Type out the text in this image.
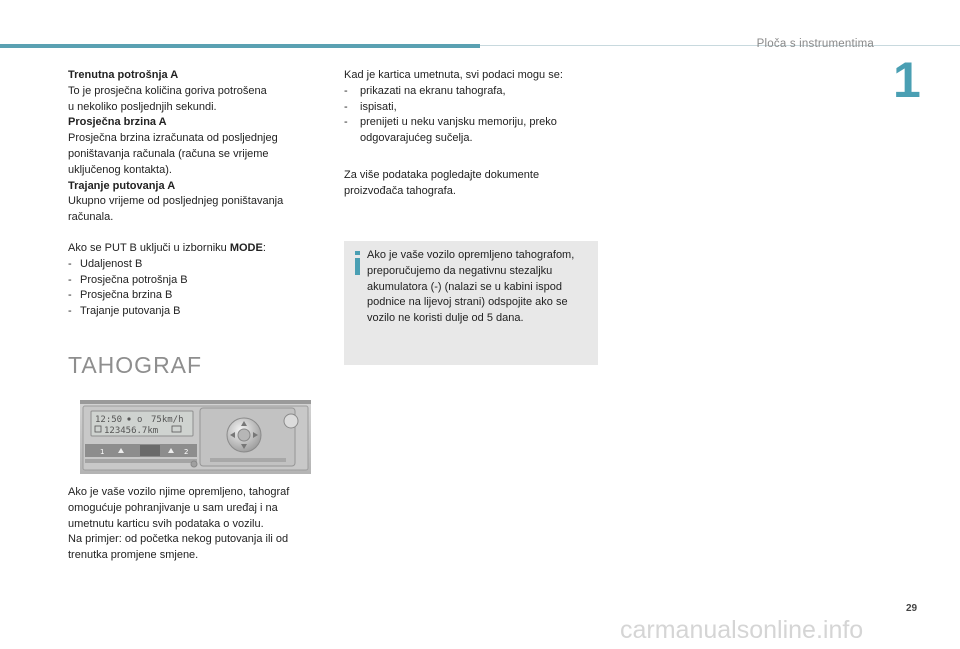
Ploča s instrumentima
1

Trenutna potrošnja A

To je prosječna količina goriva potrošena

u nekoliko posljednjih sekundi.

Prosječna brzina A

Prosječna brzina izračunata od posljednjeg

poništavanja računala (računa se vrijeme

uključenog kontakta).

Trajanje putovanja A

Ukupno vrijeme od posljednjeg poništavanja

računala.

Ako se PUT B uključi u izborniku MODE:

- Udaljenost B

- Prosječna potrošnja B

- Prosječna brzina B

- Trajanje putovanja B

TAHOGRAF
12:50 o 75km/h
123456.7km
1	2
Ako je vaše vozilo njime opremljeno, tahograf
omogućuje pohranjivanje u sam uređaj i na
umetnutu karticu svih podataka o vozilu.
Na primjer: od početka nekog putovanja ili od
trenutka promjene smjene.

Kad je kartica umetnuta, svi podaci mogu se:

- prikazati na ekranu tahografa,

- ispisati,

- prenijeti u neku vanjsku memoriju, preko

odgovarajućeg sučelja.

Za više podataka pogledajte dokumente

proizvođača tahografa.

Ako je vaše vozilo opremljeno tahografom,
preporučujemo da negativnu stezaljku
akumulatora (-) (nalazi se u kabini ispod
podnice na lijevoj strani) odspojite ako se
vozilo ne koristi dulje od 5 dana.
29
carmanualsonline.info
